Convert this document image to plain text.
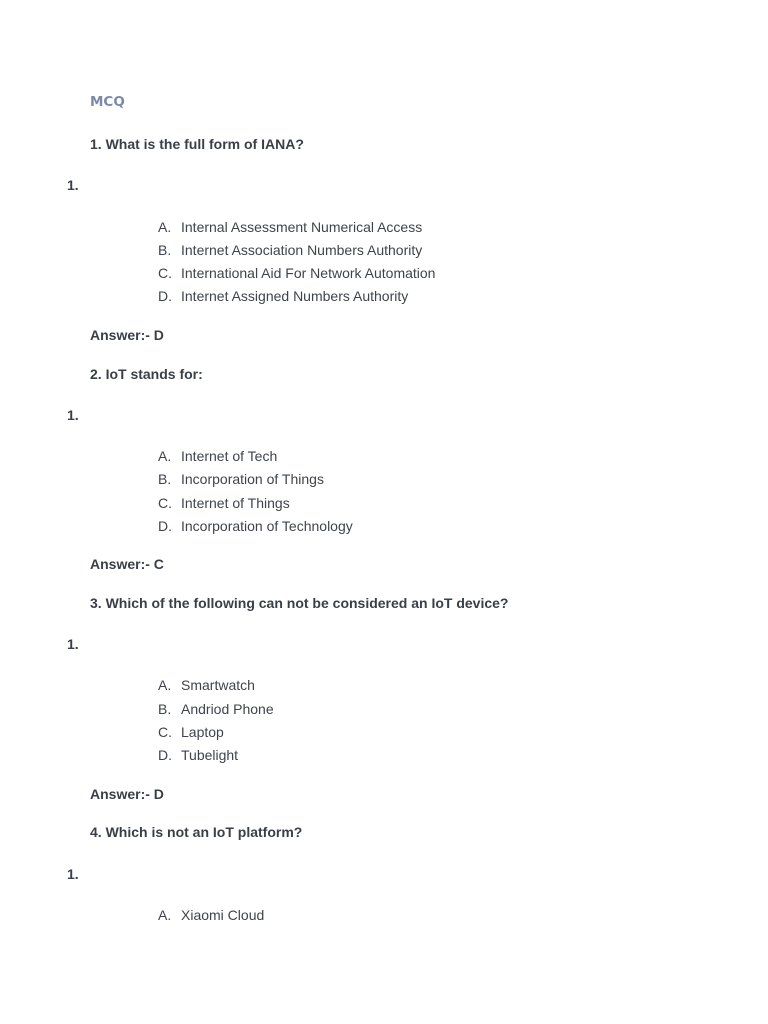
MCQ
1. What is the full form of IANA?
1.
A. Internal Assessment Numerical Access
B. Internet Association Numbers Authority
C. International Aid For Network Automation
D. Internet Assigned Numbers Authority
Answer:- D
2. IoT stands for:
1.
A. Internet of Tech
B. Incorporation of Things
C. Internet of Things
D. Incorporation of Technology
Answer:- C
3. Which of the following can not be considered an IoT device?
1.
A. Smartwatch
B. Andriod Phone
C. Laptop
D. Tubelight
Answer:- D
4. Which is not an IoT platform?
1.
A. Xiaomi Cloud
